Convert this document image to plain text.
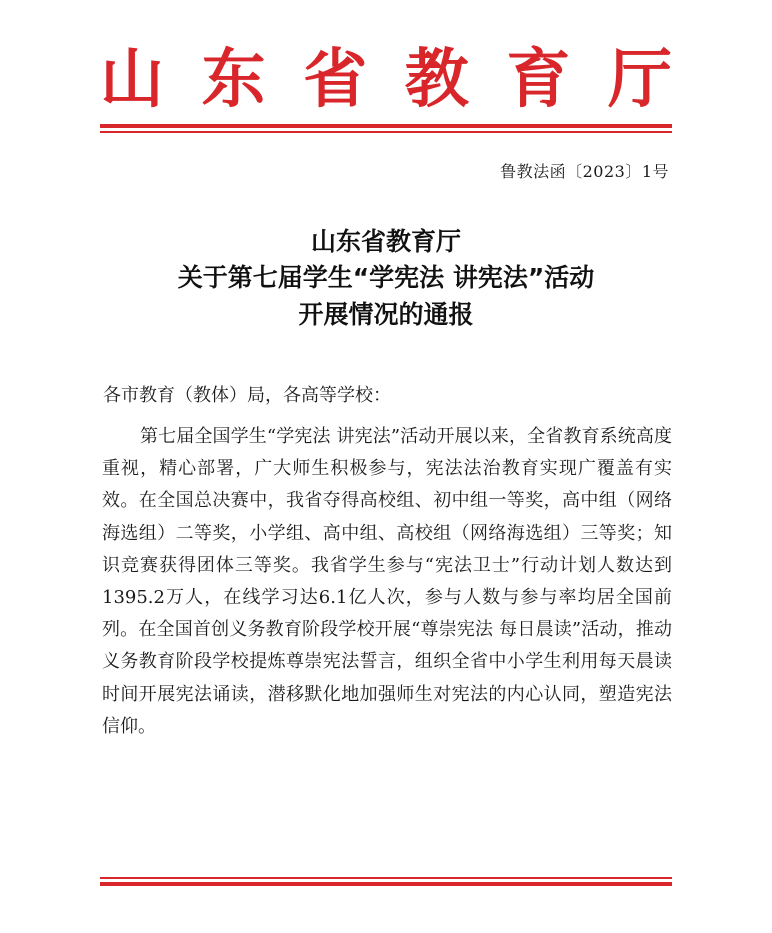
山 东 省 教 育 厅
鲁教法函〔2023〕1号
山东省教育厅
关于第七届学生“学宪法 讲宪法”活动
开展情况的通报
各市教育（教体）局，各高等学校：

第七届全国学生“学宪法 讲宪法”活动开展以来，全省教育系统高度重视，精心部署，广大师生积极参与，宪法法治教育实现广覆盖有实效。在全国总决赛中，我省夺得高校组、初中组一等奖，高中组（网络海选组）二等奖，小学组、高中组、高校组（网络海选组）三等奖；知识竞赛获得团体三等奖。我省学生参与“宪法卫士”行动计划人数达到1395.2万人，在线学习达6.1亿人次，参与人数与参与率均居全国前列。在全国首创义务教育阶段学校开展“尊崇宪法 每日晨读”活动，推动义务教育阶段学校提炼尊崇宪法誓言，组织全省中小学生利用每天晨读时间开展宪法诵读，潜移默化地加强师生对宪法的内心认同，塑造宪法信仰。
